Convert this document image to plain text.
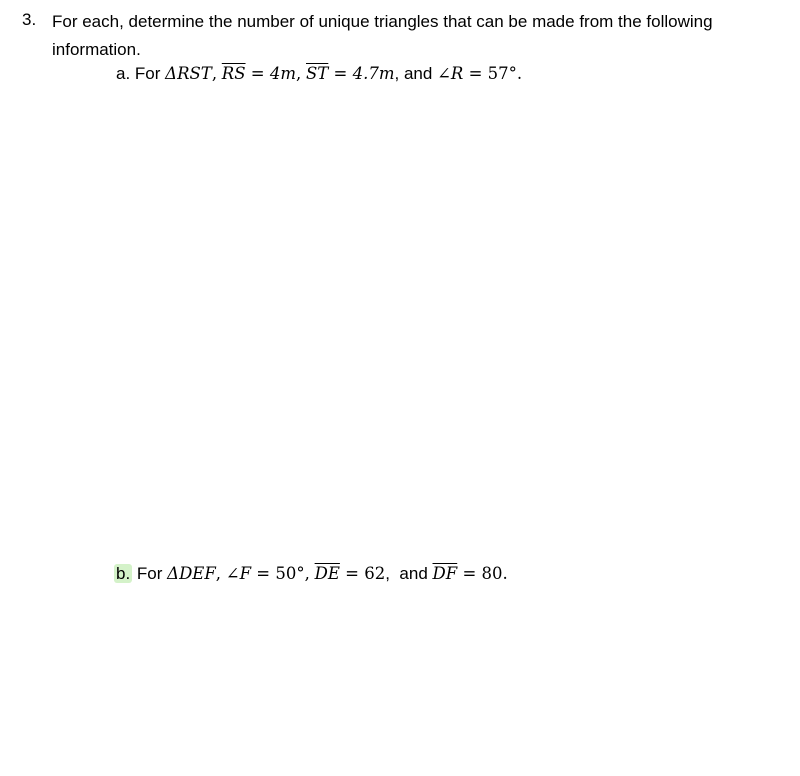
3. For each, determine the number of unique triangles that can be made from the following information.
a. For ΔRST, $\overline{RS} = 4m$, $\overline{ST} = 4.7m$, and ∠R = 57°.
b. For ΔDEF, ∠F = 50°, $\overline{DE} = 62$,  and $\overline{DF} = 80$.
